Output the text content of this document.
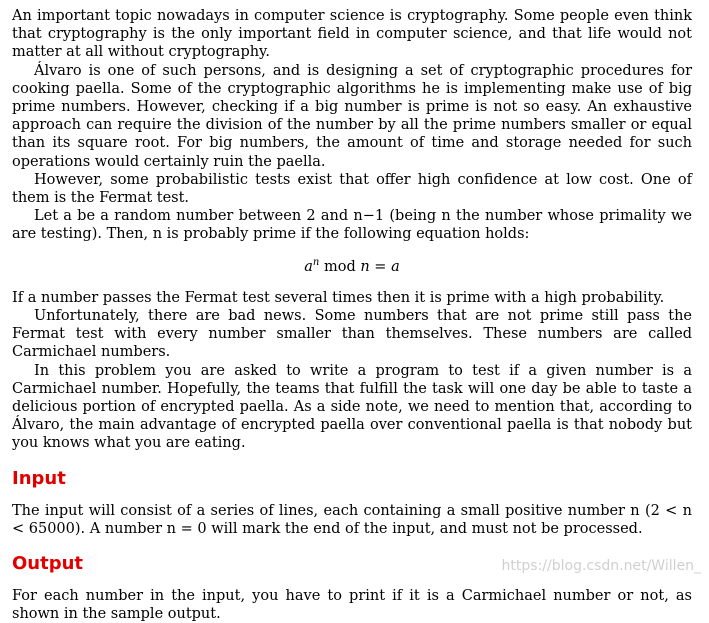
An important topic nowadays in computer science is cryptography. Some people even think that cryptography is the only important field in computer science, and that life would not matter at all without cryptography.

Álvaro is one of such persons, and is designing a set of cryptographic procedures for cooking paella. Some of the cryptographic algorithms he is implementing make use of big prime numbers. However, checking if a big number is prime is not so easy. An exhaustive approach can require the division of the number by all the prime numbers smaller or equal than its square root. For big numbers, the amount of time and storage needed for such operations would certainly ruin the paella.

However, some probabilistic tests exist that offer high confidence at low cost. One of them is the Fermat test.

Let a be a random number between 2 and n−1 (being n the number whose primality we are testing). Then, n is probably prime if the following equation holds:

$a^n$ mod n = a

If a number passes the Fermat test several times then it is prime with a high probability.

Unfortunately, there are bad news. Some numbers that are not prime still pass the Fermat test with every number smaller than themselves. These numbers are called Carmichael numbers.

In this problem you are asked to write a program to test if a given number is a Carmichael number. Hopefully, the teams that fulfill the task will one day be able to taste a delicious portion of encrypted paella. As a side note, we need to mention that, according to Álvaro, the main advantage of encrypted paella over conventional paella is that nobody but you knows what you are eating.

Input

The input will consist of a series of lines, each containing a small positive number n (2 < n < 65000). A number n = 0 will mark the end of the input, and must not be processed.

Output

For each number in the input, you have to print if it is a Carmichael number or not, as shown in the sample output.

https://blog.csdn.net/Willen_
